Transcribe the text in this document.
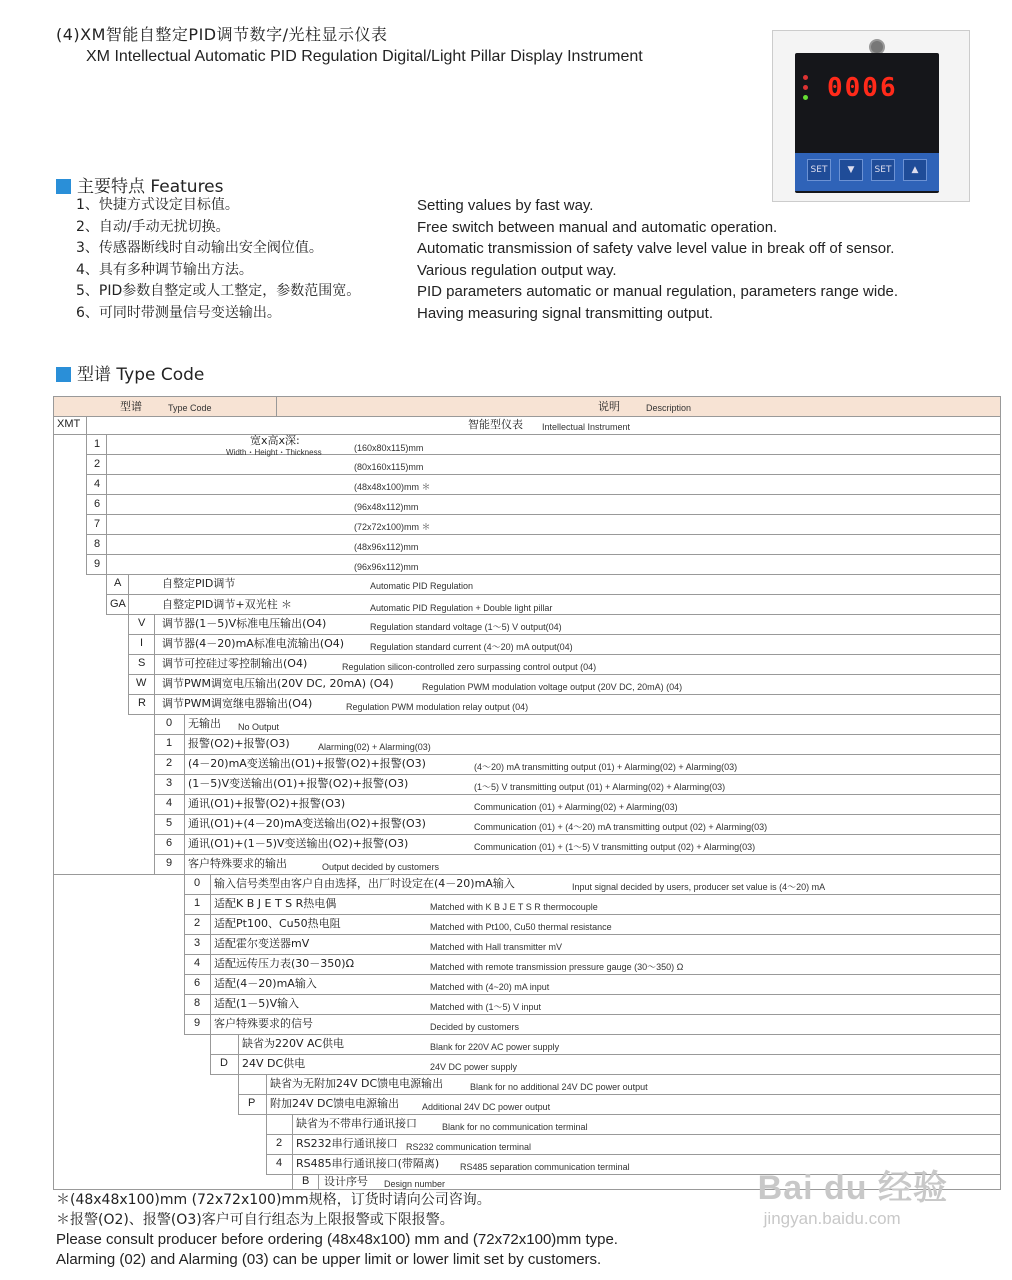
(4)XM智能自整定PID调节数字/光柱显示仪表
XM Intellectual Automatic PID Regulation Digital/Light Pillar Display Instrument
0006
SET	▼	SET	▲
主要特点 Features
1、快捷方式设定目标值。
2、自动/手动无扰切换。
3、传感器断线时自动输出安全阀位值。
4、具有多种调节输出方法。
5、PID参数自整定或人工整定，参数范围宽。
6、可同时带测量信号变送输出。
Setting values by fast way.
Free switch between manual and automatic operation.
Automatic transmission of safety valve level value in break off of sensor.
Various regulation output way.
PID parameters automatic or manual regulation, parameters range wide.
Having measuring signal transmitting output.
型谱 Type Code
型谱	Type Code	说明	Description
XMT	智能型仪表 Intellectual Instrument
宽x高x深:
Width・Height・Thickness
1	(160x80x115)mm
2	(80x160x115)mm
4	(48x48x100)mm ＊
6	(96x48x112)mm
7	(72x72x100)mm ＊
8	(48x96x112)mm
9	(96x96x112)mm
A	自整定PID调节	Automatic PID Regulation
GA	自整定PID调节+双光柱 ＊	Automatic PID Regulation + Double light pillar
V 调节器(1－5)V标准电压输出(O4)	Regulation standard voltage (1～5) V output(04)
I 调节器(4－20)mA标准电流输出(O4)	Regulation standard current (4～20) mA output(04)
S 调节可控硅过零控制输出(O4)	Regulation silicon-controlled zero surpassing control output (04)
W 调节PWM调宽电压输出(20V DC, 20mA) (O4)	Regulation PWM modulation voltage output (20V DC, 20mA) (04)
R 调节PWM调宽继电器输出(O4)	Regulation PWM modulation relay output (04)
0 无输出 No Output
1 报警(O2)+报警(O3)	Alarming(02) + Alarming(03)
2 (4－20)mA变送输出(O1)+报警(O2)+报警(O3)	(4～20) mA transmitting output (01) + Alarming(02) + Alarming(03)
3 (1－5)V变送输出(O1)+报警(O2)+报警(O3)	(1～5) V transmitting output (01) + Alarming(02) + Alarming(03)
4 通讯(O1)+报警(O2)+报警(O3)	Communication (01) + Alarming(02) + Alarming(03)
5 通讯(O1)+(4－20)mA变送输出(O2)+报警(O3)	Communication (01) + (4～20) mA transmitting output (02) + Alarming(03)
6 通讯(O1)+(1－5)V变送输出(O2)+报警(O3)	Communication (01) + (1～5) V transmitting output (02) + Alarming(03)
9 客户特殊要求的输出	Output decided by customers
0 输入信号类型由客户自由选择，出厂时设定在(4－20)mA输入	Input signal decided by users, producer set value is (4～20) mA
1 适配K B J E T S R热电偶	Matched with K B J E T S R thermocouple
2 适配Pt100、Cu50热电阻	Matched with Pt100, Cu50 thermal resistance
3 适配霍尔变送器mV	Matched with Hall transmitter mV
4 适配远传压力表(30－350)Ω	Matched with remote transmission pressure gauge (30～350) Ω
6 适配(4－20)mA输入	Matched with (4~20) mA input
8 适配(1－5)V输入	Matched with (1～5) V input
9 客户特殊要求的信号	Decided by customers
缺省为220V AC供电	Blank for 220V AC power supply
D 24V DC供电	24V DC power supply
缺省为无附加24V DC馈电电源输出	Blank for no additional 24V DC power output
P 附加24V DC馈电电源输出	Additional 24V DC power output
缺省为不带串行通讯接口	Blank for no communication terminal
2 RS232串行通讯接口 RS232 communication terminal
4 RS485串行通讯接口(带隔离) RS485 separation communication terminal
B 设计序号 Design number
＊(48x48x100)mm (72x72x100)mm规格，订货时请向公司咨询。
＊报警(O2)、报警(O3)客户可自行组态为上限报警或下限报警。
Please consult producer before ordering (48x48x100) mm and (72x72x100)mm type.
Alarming (02) and Alarming (03) can be upper limit or lower limit set by customers.
Bai du 经验
jingyan.baidu.com
